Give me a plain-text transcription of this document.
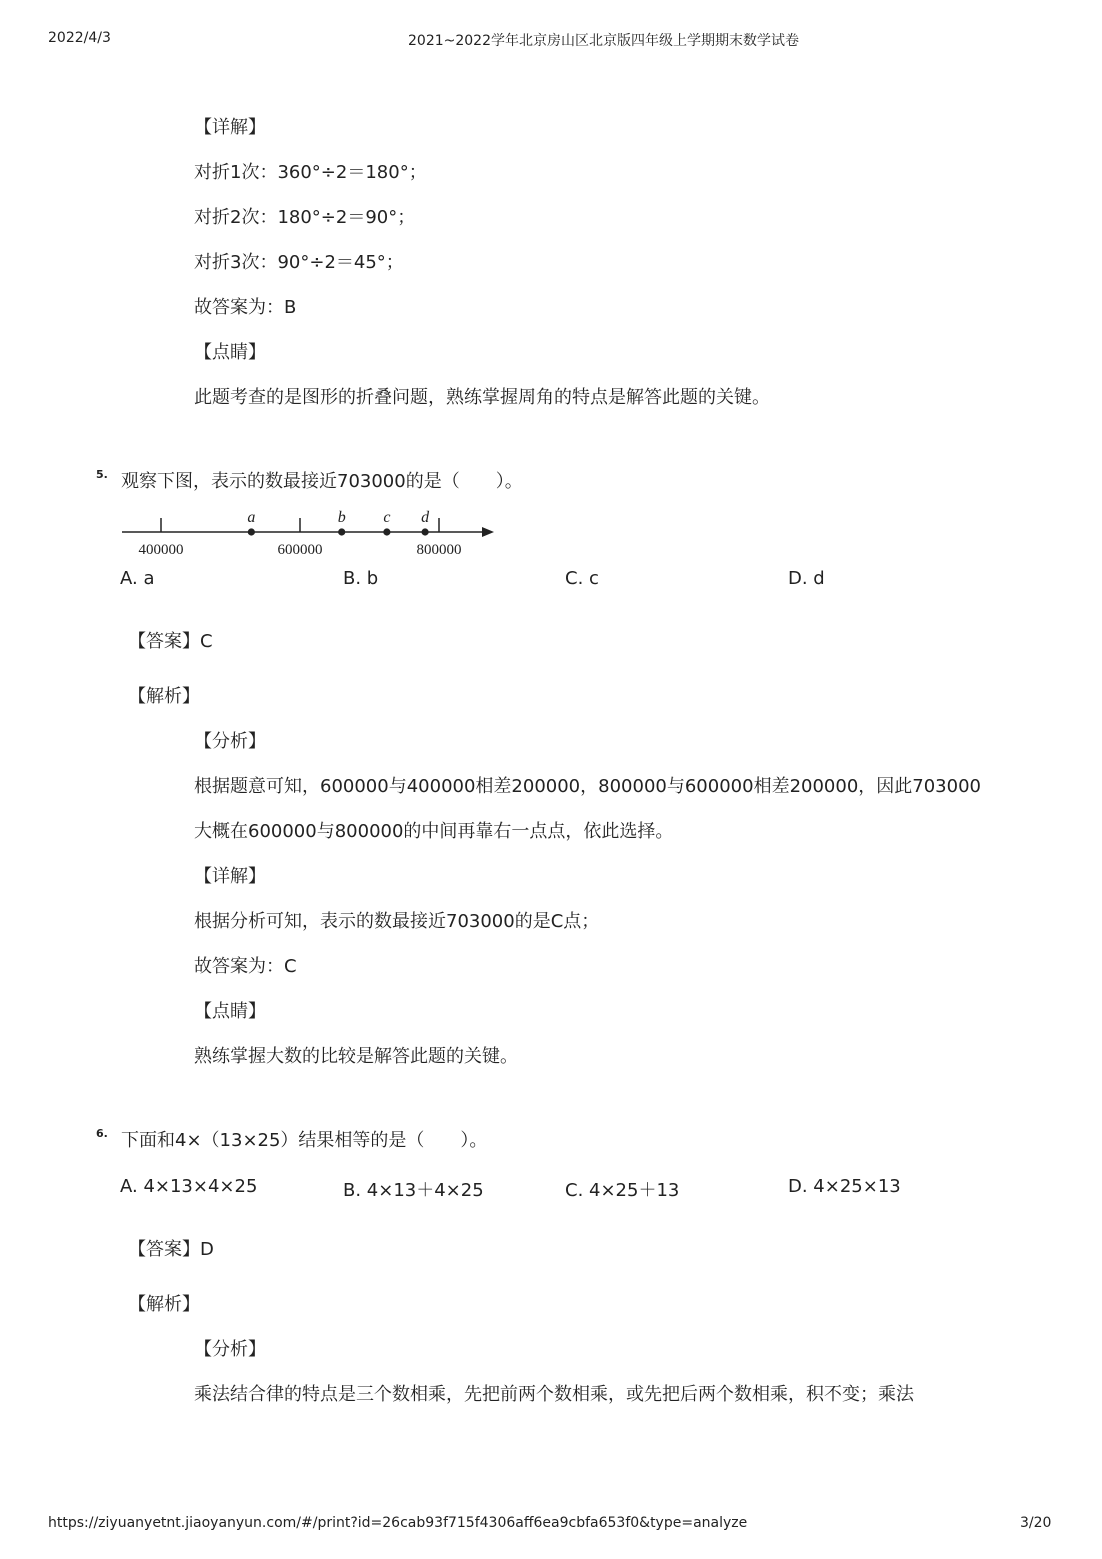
2022/4/3	2021~2022学年北京房山区北京版四年级上学期期末数学试卷
【详解】
对折1次：360°÷2＝180°；
对折2次：180°÷2＝90°；
对折3次：90°÷2＝45°；
故答案为：B
【点睛】
此题考查的是图形的折叠问题，熟练掌握周角的特点是解答此题的关键。
5. 观察下图，表示的数最接近703000的是（　　）。
400000	600000	800000
a	b c d
A. a	B. b	C. c	D. d
【答案】C
【解析】
【分析】
根据题意可知，600000与400000相差200000，800000与600000相差200000，因此703000
大概在600000与800000的中间再靠右一点点，依此选择。
【详解】
根据分析可知，表示的数最接近703000的是C点；
故答案为：C
【点睛】
熟练掌握大数的比较是解答此题的关键。
6. 下面和4×（13×25）结果相等的是（　　）。
A. 4×13×4×25	B. 4×13＋4×25	C. 4×25＋13	D. 4×25×13
【答案】D
【解析】
【分析】
乘法结合律的特点是三个数相乘，先把前两个数相乘，或先把后两个数相乘，积不变；乘法
https://ziyuanyetnt.jiaoyanyun.com/#/print?id=26cab93f715f4306aff6ea9cbfa653f0&type=analyze	3/20
